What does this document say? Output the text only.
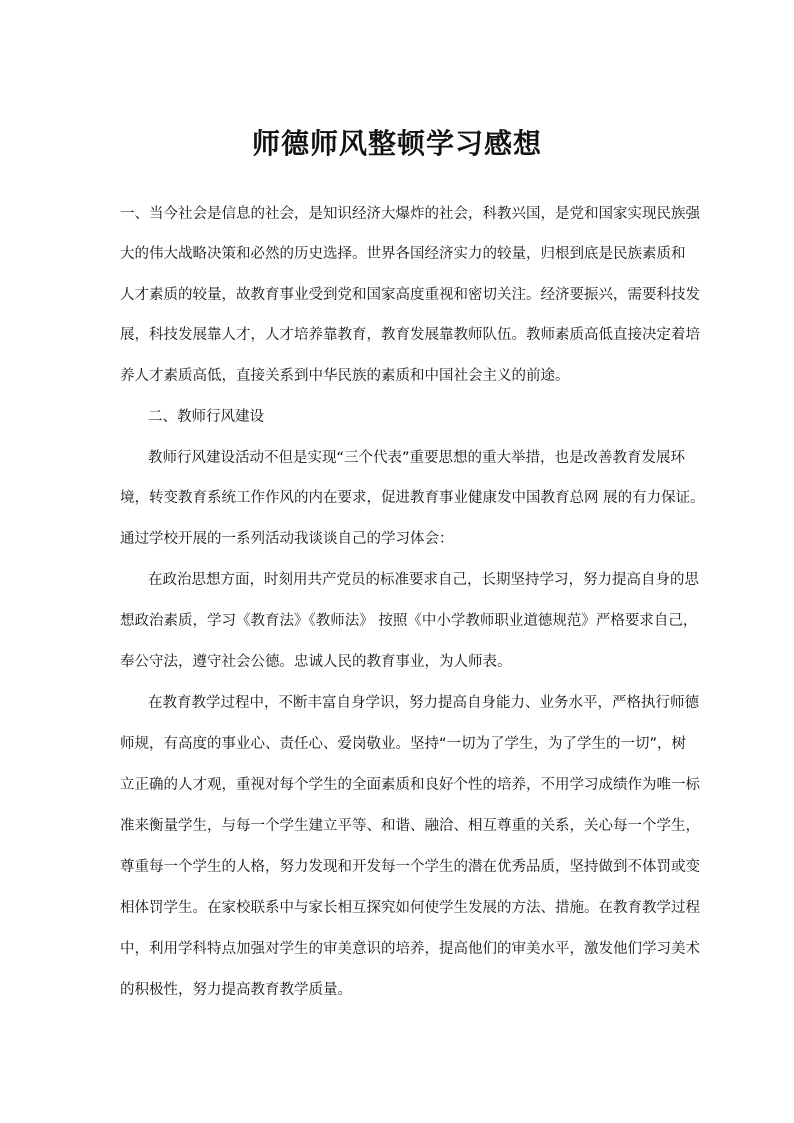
师德师风整顿学习感想

一、当今社会是信息的社会，是知识经济大爆炸的社会，科教兴国，是党和国家实现民族强

大的伟大战略决策和必然的历史选择。世界各国经济实力的较量，归根到底是民族素质和

人才素质的较量，故教育事业受到党和国家高度重视和密切关注。经济要振兴，需要科技发

展，科技发展靠人才，人才培养靠教育，教育发展靠教师队伍。教师素质高低直接决定着培

养人才素质高低，直接关系到中华民族的素质和中国社会主义的前途。

二、教师行风建设

教师行风建设活动不但是实现“三个代表”重要思想的重大举措，也是改善教育发展环

境，转变教育系统工作作风的内在要求，促进教育事业健康发中国教育总网 展的有力保证。

通过学校开展的一系列活动我谈谈自己的学习体会：

在政治思想方面，时刻用共产党员的标准要求自己，长期坚持学习，努力提高自身的思

想政治素质，学习《教育法》《教师法》 按照《中小学教师职业道德规范》严格要求自己，

奉公守法，遵守社会公德。忠诚人民的教育事业，为人师表。

在教育教学过程中，不断丰富自身学识，努力提高自身能力、业务水平，严格执行师德

师规，有高度的事业心、责任心、爱岗敬业。坚持“一切为了学生，为了学生的一切”，树

立正确的人才观，重视对每个学生的全面素质和良好个性的培养，不用学习成绩作为唯一标

准来衡量学生，与每一个学生建立平等、和谐、融洽、相互尊重的关系，关心每一个学生，

尊重每一个学生的人格，努力发现和开发每一个学生的潜在优秀品质，坚持做到不体罚或变

相体罚学生。在家校联系中与家长相互探究如何使学生发展的方法、措施。在教育教学过程

中，利用学科特点加强对学生的审美意识的培养，提高他们的审美水平，激发他们学习美术

的积极性，努力提高教育教学质量。
